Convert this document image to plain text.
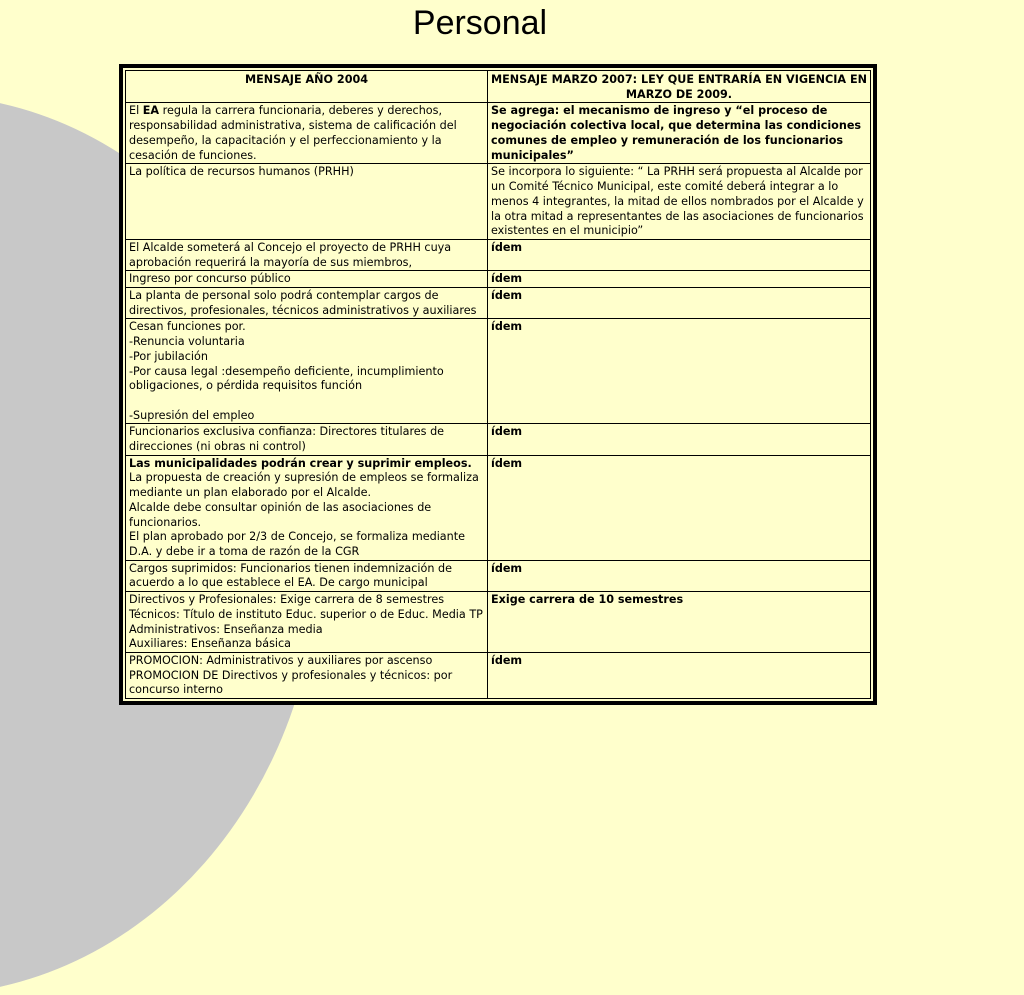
Personal
MENSAJE AÑO 2004	MENSAJE MARZO 2007: LEY QUE ENTRARÍA EN VIGENCIA EN MARZO DE 2009.
El EA regula la carrera funcionaria, deberes y derechos, responsabilidad administrativa, sistema de calificación del desempeño, la capacitación y el perfeccionamiento y la cesación de funciones.	Se agrega: el mecanismo de ingreso y “el proceso de negociación colectiva local, que determina las condiciones comunes de empleo y remuneración de los funcionarios municipales”
La política de recursos humanos (PRHH)	Se incorpora lo siguiente: “ La PRHH será propuesta al Alcalde por un Comité Técnico Municipal, este comité deberá integrar a lo menos 4 integrantes, la mitad de ellos nombrados por el Alcalde y la otra mitad a representantes de las asociaciones de funcionarios existentes en el municipio”
El Alcalde someterá al Concejo el proyecto de PRHH cuya aprobación requerirá la mayoría de sus miembros,	ídem
Ingreso por concurso público	ídem
La planta de personal solo podrá contemplar cargos de directivos, profesionales, técnicos administrativos y auxiliares	ídem
Cesan funciones por.
-Renuncia voluntaria
-Por jubilación
-Por causa legal :desempeño deficiente, incumplimiento obligaciones, o pérdida requisitos función

-Supresión del empleo	ídem
Funcionarios exclusiva confianza: Directores titulares de direcciones (ni obras ni control)	ídem
Las municipalidades podrán crear y suprimir empleos.
La propuesta de creación y supresión de empleos se formaliza mediante un plan elaborado por el Alcalde.
Alcalde debe consultar opinión de las asociaciones de funcionarios.
El plan aprobado por 2/3 de Concejo, se formaliza mediante D.A. y debe ir a toma de razón de la CGR	ídem
Cargos suprimidos: Funcionarios tienen indemnización de acuerdo a lo que establece el EA. De cargo municipal	ídem
Directivos y Profesionales: Exige carrera de 8 semestres
Técnicos: Título de instituto Educ. superior o de Educ. Media TP
Administrativos: Enseñanza media
Auxiliares: Enseñanza básica	Exige carrera de 10 semestres
PROMOCION: Administrativos y auxiliares por ascenso
PROMOCION DE Directivos y profesionales y técnicos: por concurso interno	ídem
